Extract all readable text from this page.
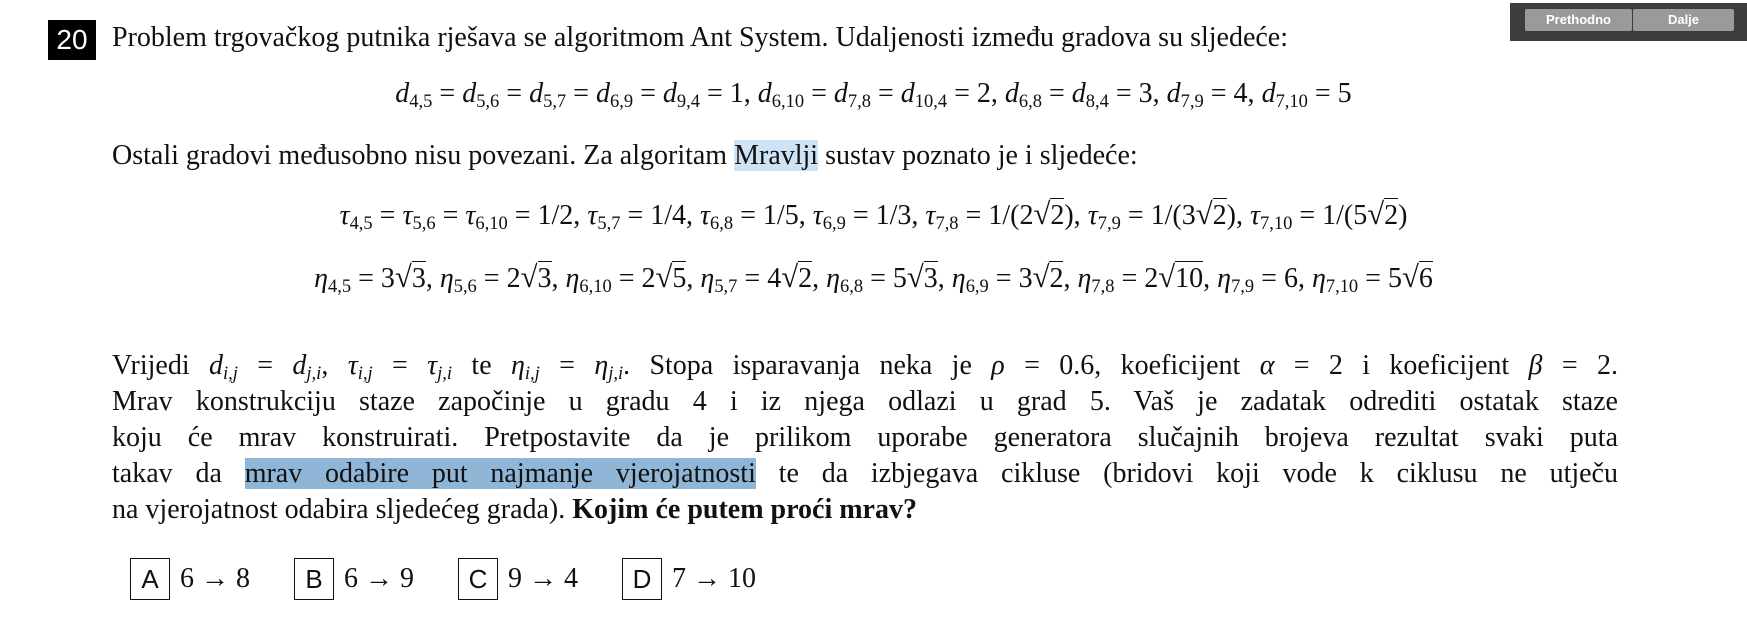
20 Problem trgovačkog putnika rješava se algoritmom Ant System. Udaljenosti između gradova su sljedeće:
$d_{4,5} = d_{5,6} = d_{5,7} = d_{6,9} = d_{9,4} = 1$, $d_{6,10} = d_{7,8} = d_{10,4} = 2$, $d_{6,8} = d_{8,4} = 3$, $d_{7,9} = 4$, $d_{7,10} = 5$
Ostali gradovi međusobno nisu povezani. Za algoritam Mravlji sustav poznato je i sljedeće:
$\tau_{4,5} = \tau_{5,6} = \tau_{6,10} = 1/2$, $\tau_{5,7} = 1/4$, $\tau_{6,8} = 1/5$, $\tau_{6,9} = 1/3$, $\tau_{7,8} = 1/(2√2)$, $\tau_{7,9} = 1/(3√2)$, $\tau_{7,10} = 1/(5√2)$
$\eta_{4,5} = 3√3$, $\eta_{5,6} = 2√3$, $\eta_{6,10} = 2√5$, $\eta_{5,7} = 4√2$, $\eta_{6,8} = 5√3$, $\eta_{6,9} = 3√2$, $\eta_{7,8} = 2√10$, $\eta_{7,9} = 6$, $\eta_{7,10} = 5√6$
Vrijedi $d_{i,j} = d_{j,i}$, $\tau_{i,j} = \tau_{j,i}$ te $\eta_{i,j} = \eta_{j,i}$. Stopa isparavanja neka je ρ = 0.6, koeficijent α = 2 i koeficijent β = 2.
Mrav konstrukciju staze započinje u gradu 4 i iz njega odlazi u grad 5. Vaš je zadatak odrediti ostatak staze
koju će mrav konstruirati. Pretpostavite da je prilikom uporabe generatora slučajnih brojeva rezultat svaki puta
takav da mrav odabire put najmanje vjerojatnosti te da izbjegava cikluse (bridovi koji vode k ciklusu ne utječu
na vjerojatnost odabira sljedećeg grada). Kojim će putem proći mrav?
Prethodno	Dalje
A 6 → 8	B 6 → 9	C 9 → 4	D 7 → 10
